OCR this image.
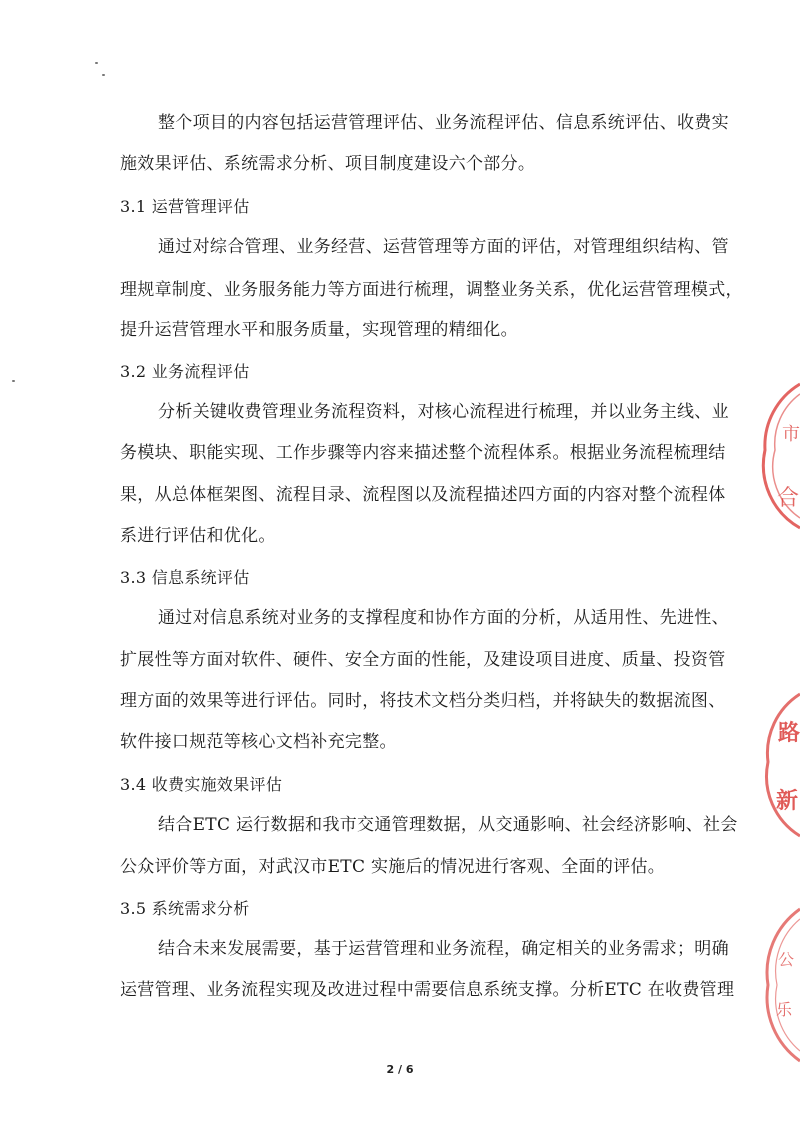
整个项目的内容包括运营管理评估、业务流程评估、信息系统评估、收费实
施效果评估、系统需求分析、项目制度建设六个部分。
3.1 运营管理评估
通过对综合管理、业务经营、运营管理等方面的评估，对管理组织结构、管
理规章制度、业务服务能力等方面进行梳理，调整业务关系，优化运营管理模式，
提升运营管理水平和服务质量，实现管理的精细化。
3.2 业务流程评估
分析关键收费管理业务流程资料，对核心流程进行梳理，并以业务主线、业
务模块、职能实现、工作步骤等内容来描述整个流程体系。根据业务流程梳理结
果，从总体框架图、流程目录、流程图以及流程描述四方面的内容对整个流程体
系进行评估和优化。
3.3 信息系统评估
通过对信息系统对业务的支撑程度和协作方面的分析，从适用性、先进性、
扩展性等方面对软件、硬件、安全方面的性能，及建设项目进度、质量、投资管
理方面的效果等进行评估。同时，将技术文档分类归档，并将缺失的数据流图、
软件接口规范等核心文档补充完整。
3.4 收费实施效果评估
结合ETC 运行数据和我市交通管理数据，从交通影响、社会经济影响、社会
公众评价等方面，对武汉市ETC 实施后的情况进行客观、全面的评估。
3.5 系统需求分析
结合未来发展需要，基于运营管理和业务流程，确定相关的业务需求；明确
运营管理、业务流程实现及改进过程中需要信息系统支撑。分析ETC 在收费管理
2 / 6
市
合
路
新
公
乐
